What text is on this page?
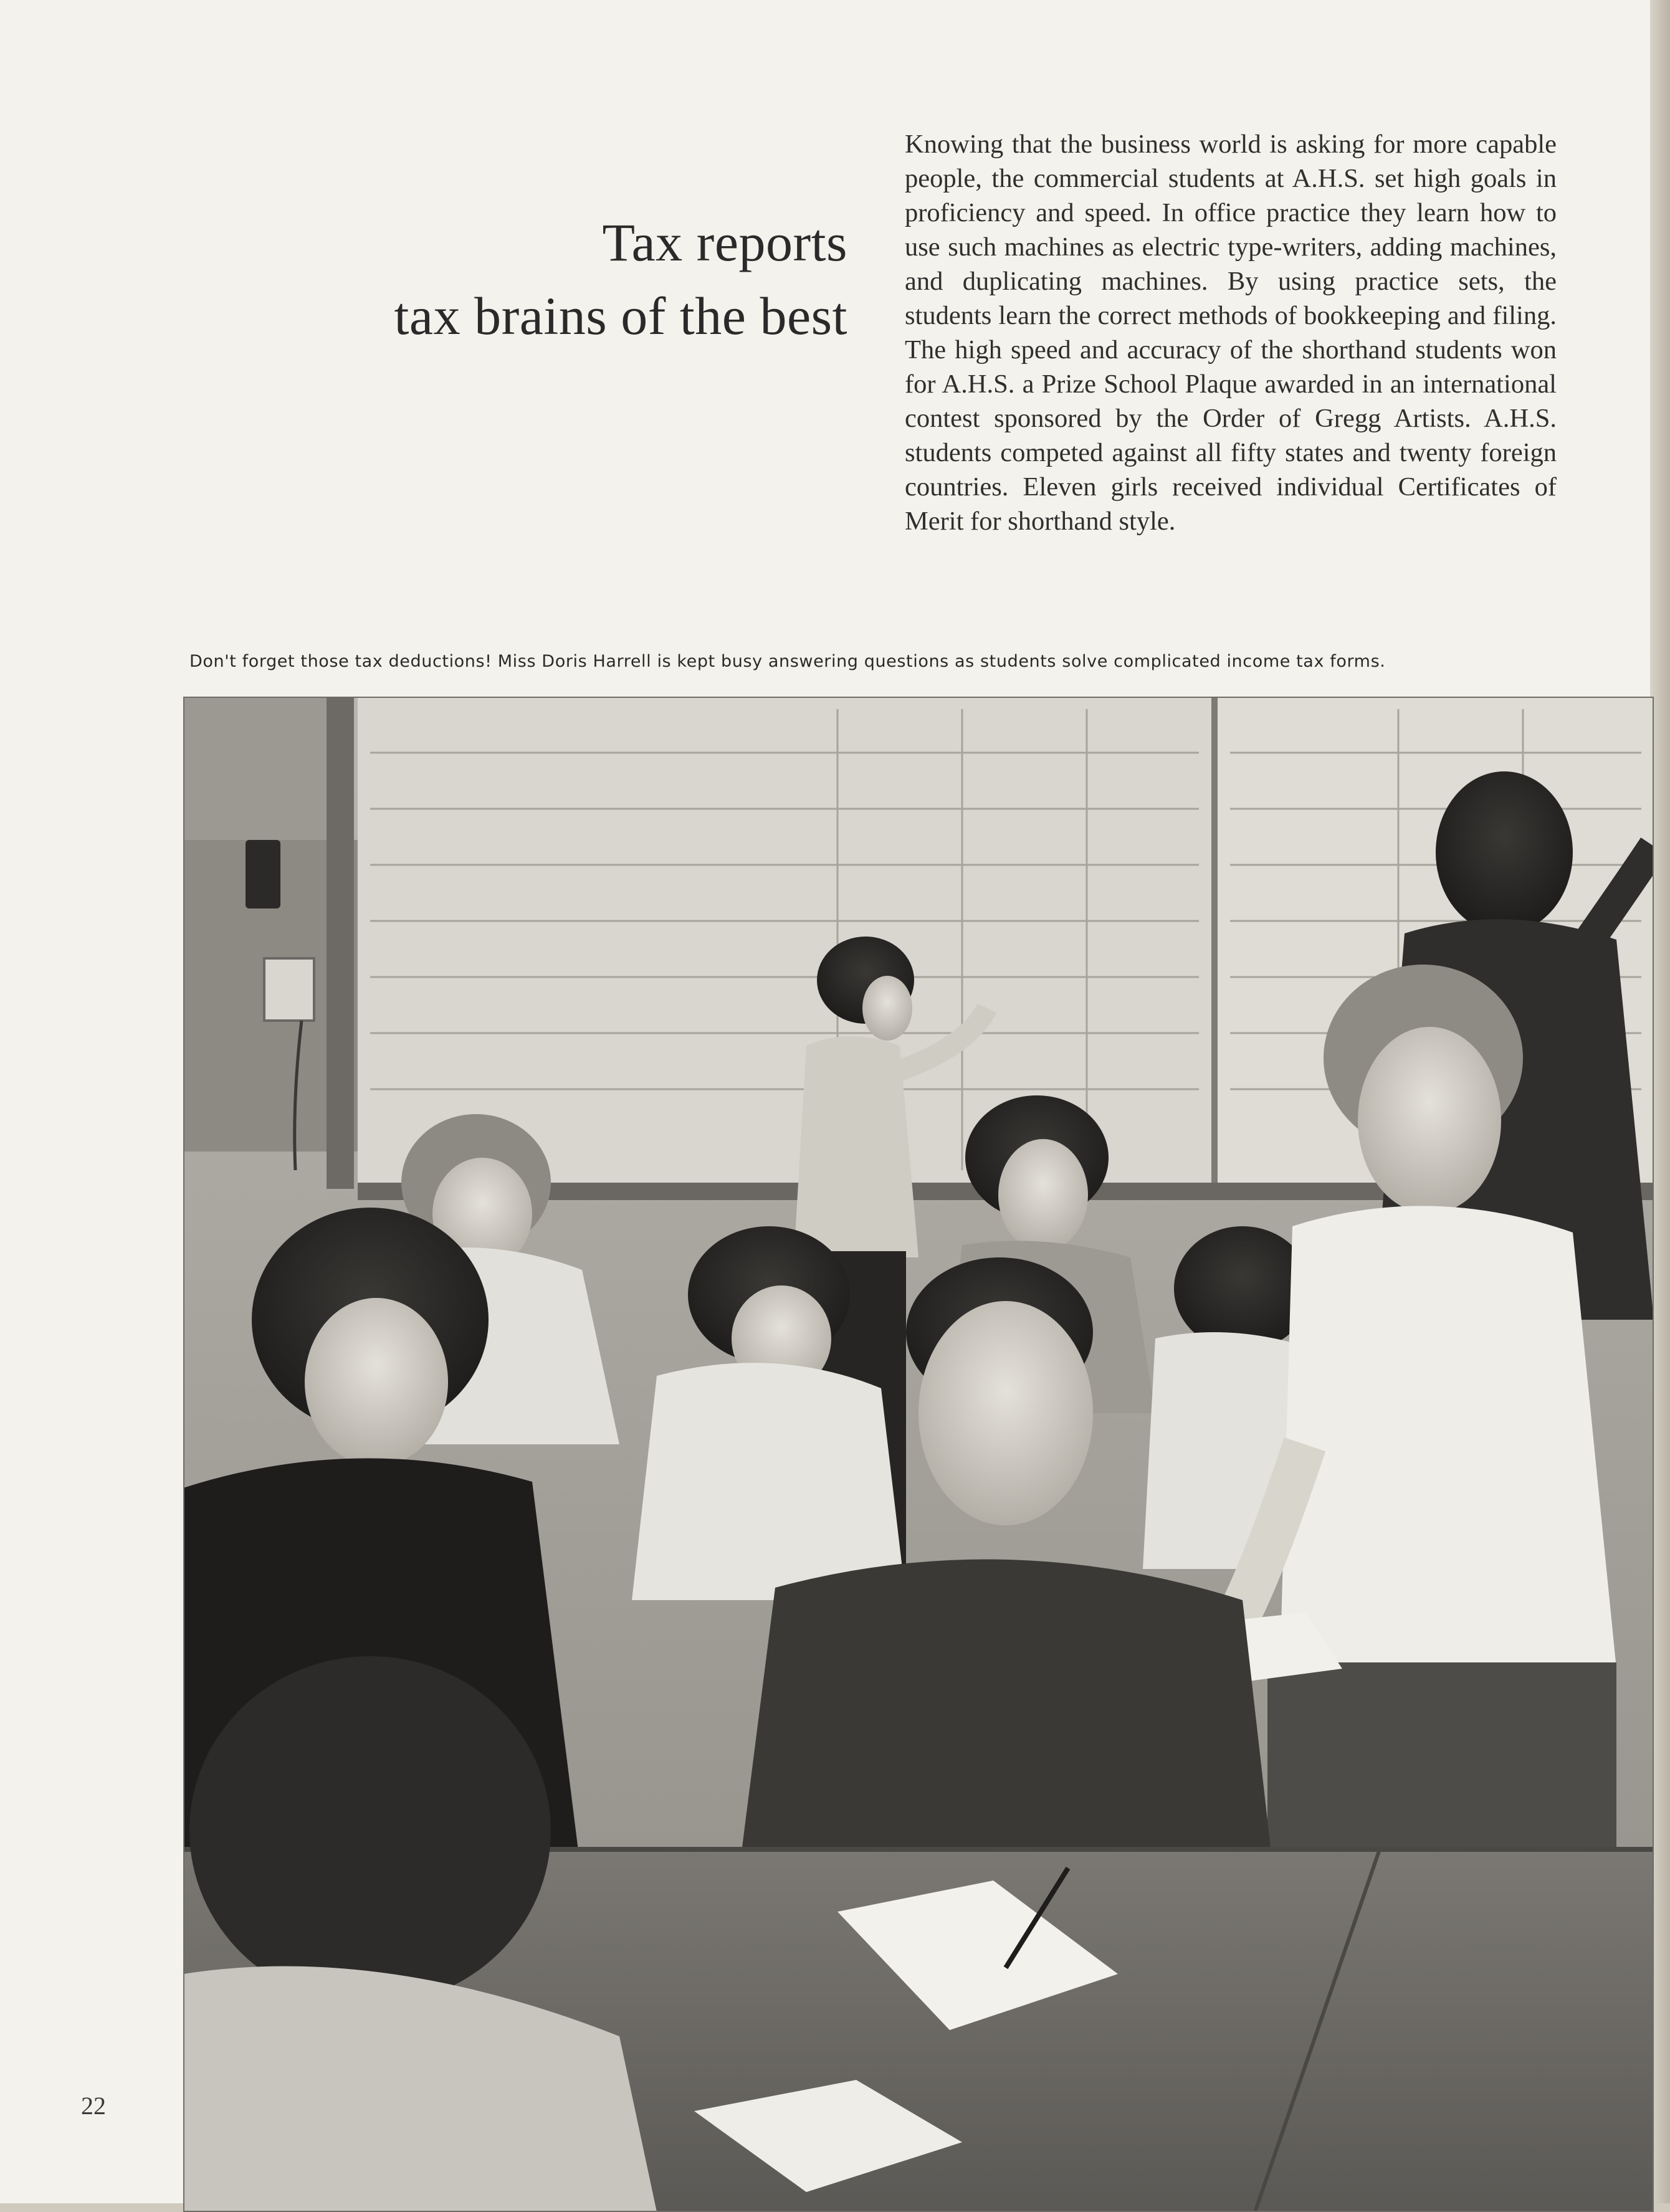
Tax reports
tax brains of the best

Knowing that the business world is asking for more capable people, the commercial students at A.H.S. set high goals in proficiency and speed. In office practice they learn how to use such machines as electric type-writers, adding machines, and duplicating machines. By using practice sets, the students learn the correct methods of bookkeeping and filing. The high speed and accuracy of the shorthand students won for A.H.S. a Prize School Plaque awarded in an international contest sponsored by the Order of Gregg Artists. A.H.S. students competed against all fifty states and twenty foreign countries. Eleven girls received individual Certificates of Merit for shorthand style.

Don't forget those tax deductions! Miss Doris Harrell is kept busy answering questions as students solve complicated income tax forms.
22
